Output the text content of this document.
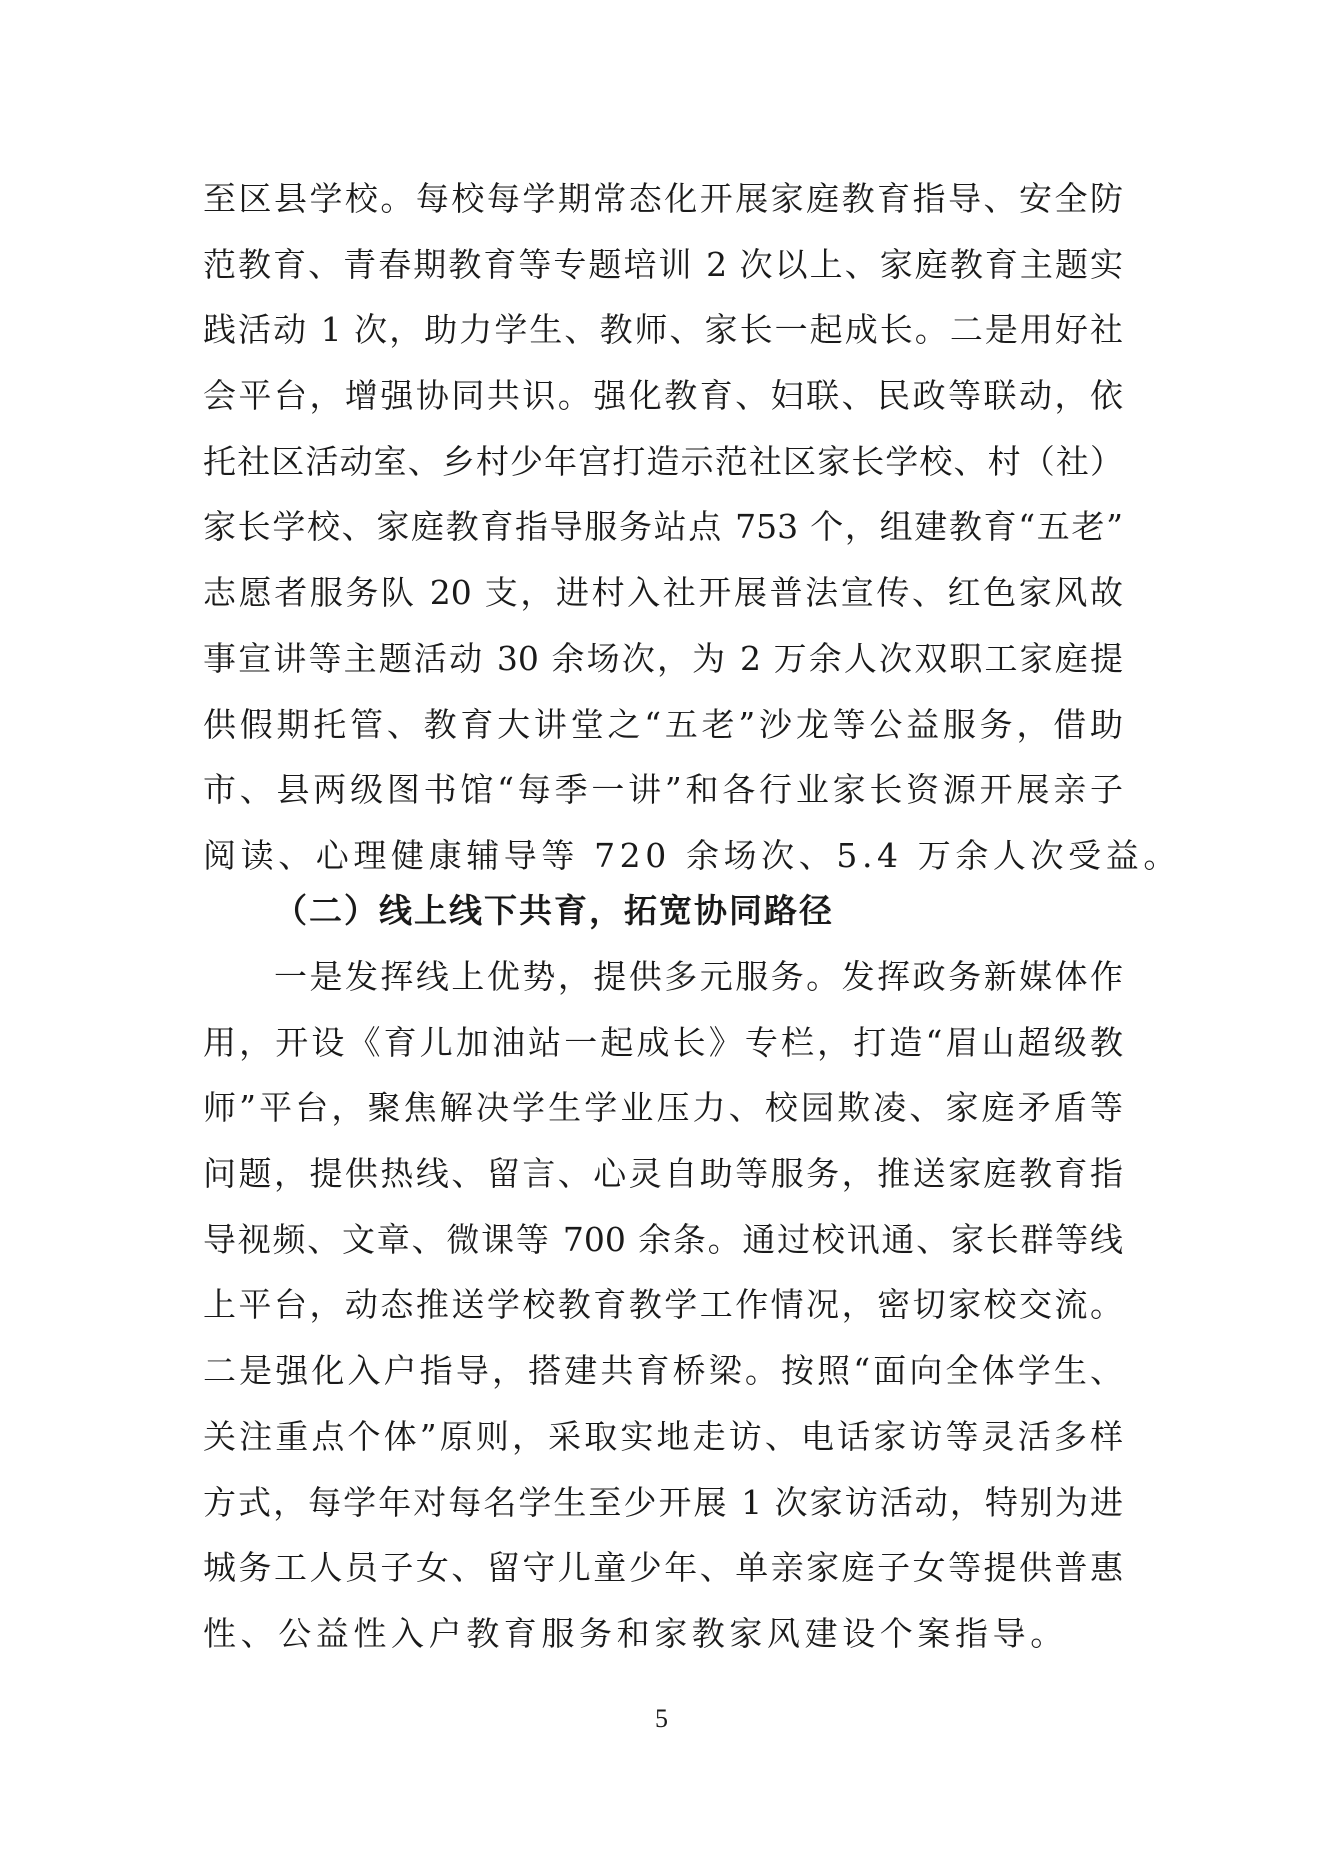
至区县学校。每校每学期常态化开展家庭教育指导、安全防
范教育、青春期教育等专题培训 2 次以上、家庭教育主题实
践活动 1 次，助力学生、教师、家长一起成长。二是用好社
会平台，增强协同共识。强化教育、妇联、民政等联动，依
托社区活动室、乡村少年宫打造示范社区家长学校、村（社）
家长学校、家庭教育指导服务站点 753 个，组建教育“五老”
志愿者服务队 20 支，进村入社开展普法宣传、红色家风故
事宣讲等主题活动 30 余场次，为 2 万余人次双职工家庭提
供假期托管、教育大讲堂之“五老”沙龙等公益服务，借助
市、县两级图书馆“每季一讲”和各行业家长资源开展亲子
阅读、心理健康辅导等 720 余场次、5.4 万余人次受益。
（二）线上线下共育，拓宽协同路径
一是发挥线上优势，提供多元服务。发挥政务新媒体作
用，开设《育儿加油站一起成长》专栏，打造“眉山超级教
师”平台，聚焦解决学生学业压力、校园欺凌、家庭矛盾等
问题，提供热线、留言、心灵自助等服务，推送家庭教育指
导视频、文章、微课等 700 余条。通过校讯通、家长群等线
上平台，动态推送学校教育教学工作情况，密切家校交流。
二是强化入户指导，搭建共育桥梁。按照“面向全体学生、
关注重点个体”原则，采取实地走访、电话家访等灵活多样
方式，每学年对每名学生至少开展 1 次家访活动，特别为进
城务工人员子女、留守儿童少年、单亲家庭子女等提供普惠
性、公益性入户教育服务和家教家风建设个案指导。
5
